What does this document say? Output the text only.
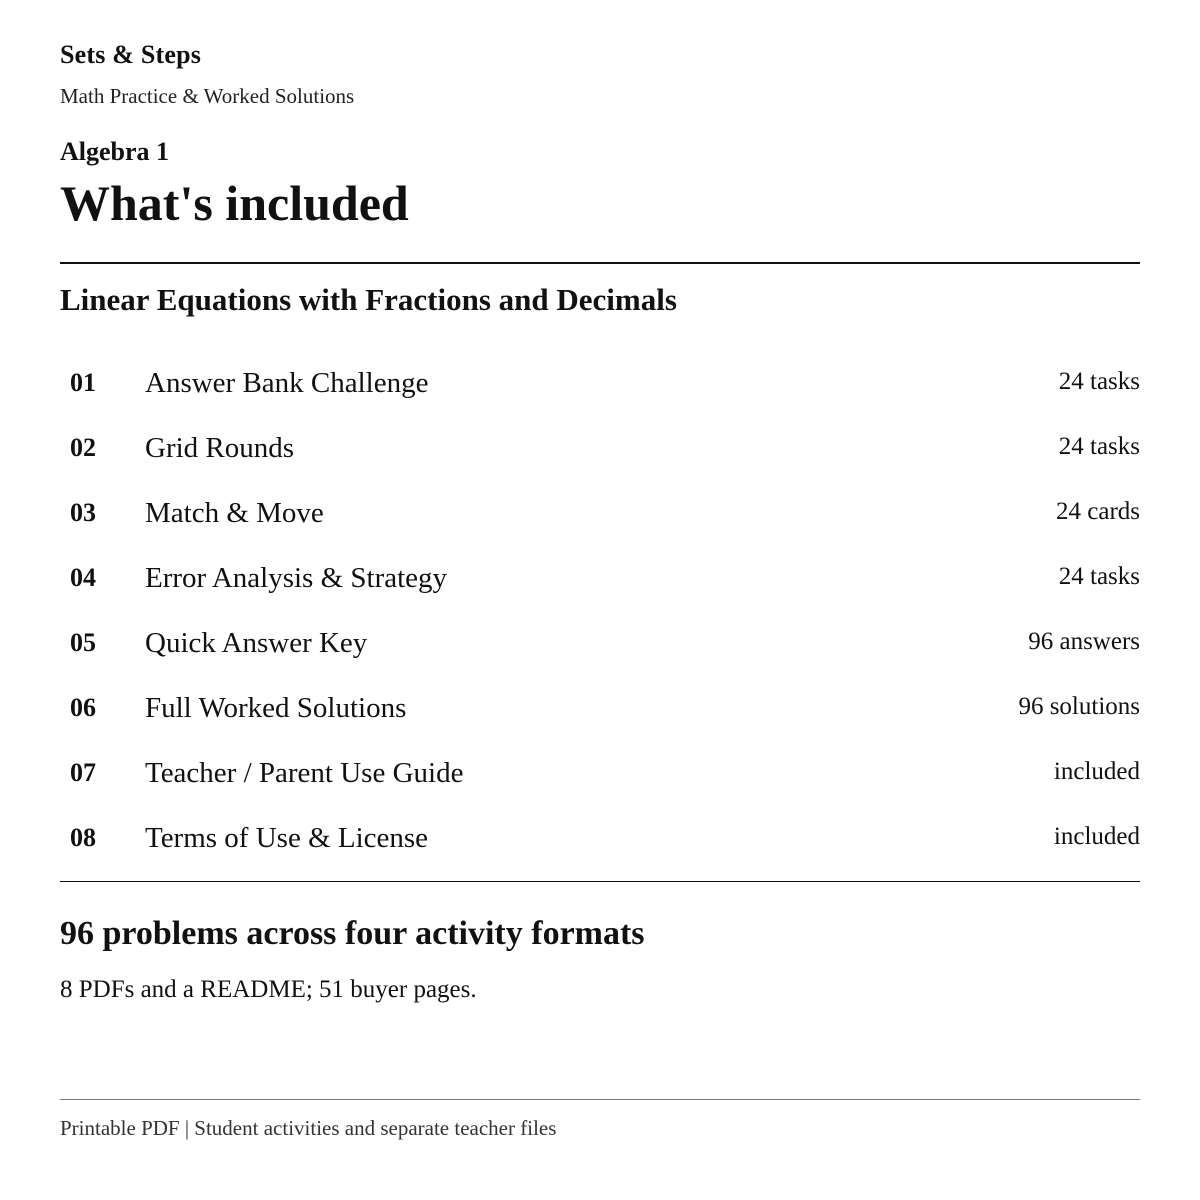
Sets & Steps
Math Practice & Worked Solutions
Algebra 1
What's included
Linear Equations with Fractions and Decimals
01 Answer Bank Challenge	24 tasks
02 Grid Rounds	24 tasks
03 Match & Move	24 cards
04 Error Analysis & Strategy	24 tasks
05 Quick Answer Key	96 answers
06 Full Worked Solutions	96 solutions
07 Teacher / Parent Use Guide	included
08 Terms of Use & License	included
96 problems across four activity formats
8 PDFs and a README; 51 buyer pages.
Printable PDF | Student activities and separate teacher files
